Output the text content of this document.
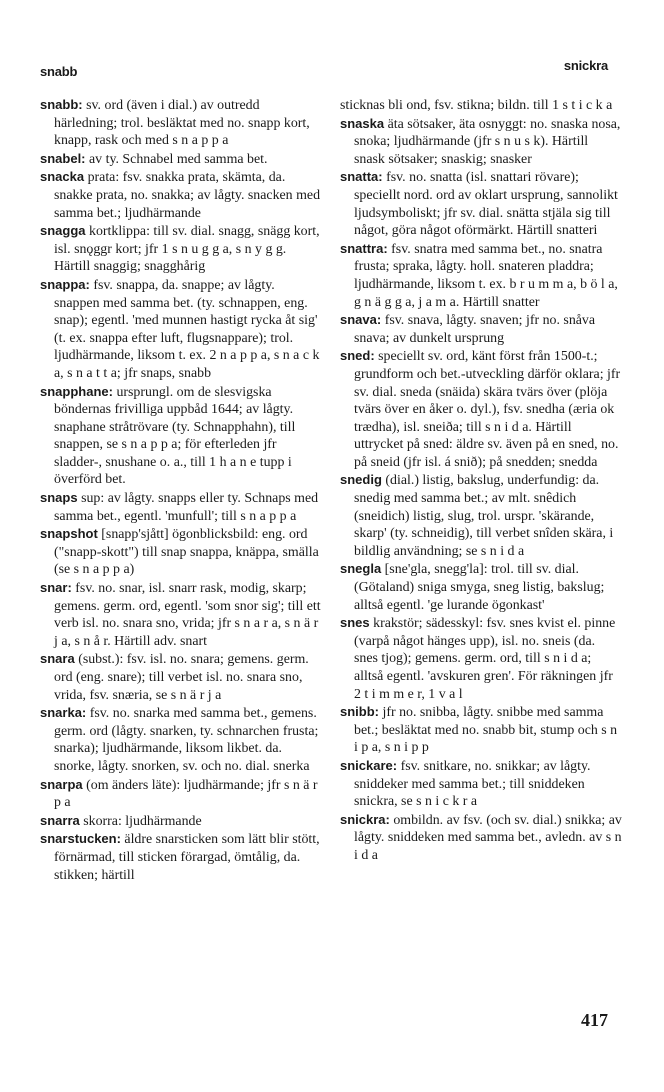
snabb	snickra
snabb: sv. ord (även i dial.) av outredd härledning; trol. besläktat med no. snapp kort, knapp, rask och med s n a p p a
snabel: av ty. Schnabel med samma bet.
snacka prata: fsv. snakka prata, skämta, da. snakke prata, no. snakka; av lågty. snacken med samma bet.; ljudhärmande
snagga kortklippa: till sv. dial. snagg, snägg kort, isl. snǫggr kort; jfr 1 s n u g g a, s n y g g. Härtill snaggig; snagghårig
snappa: fsv. snappa, da. snappe; av lågty. snappen med samma bet. (ty. schnappen, eng. snap); egentl. 'med munnen hastigt rycka åt sig' (t. ex. snappa efter luft, flugsnappare); trol. ljudhärmande, liksom t. ex. 2 n a p p a, s n a c k a, s n a t t a; jfr snaps, snabb
snapphane: ursprungl. om de slesvigska böndernas frivilliga uppbåd 1644; av lågty. snaphane stråtrövare (ty. Schnapphahn), till snappen, se s n a p p a; för efterleden jfr sladder-, snushane o. a., till 1 h a n e tupp i överförd bet.
snaps sup: av lågty. snapps eller ty. Schnaps med samma bet., egentl. 'munfull'; till s n a p p a
snapshot [snapp'sjått] ögonblicksbild: eng. ord ("snapp-skott") till snap snappa, knäppa, smälla (se s n a p p a)
snar: fsv. no. snar, isl. snarr rask, modig, skarp; gemens. germ. ord, egentl. 'som snor sig'; till ett verb isl. no. snara sno, vrida; jfr s n a r a, s n ä r j a, s n å r. Härtill adv. snart
snara (subst.): fsv. isl. no. snara; gemens. germ. ord (eng. snare); till verbet isl. no. snara sno, vrida, fsv. snæria, se s n ä r j a
snarka: fsv. no. snarka med samma bet., gemens. germ. ord (lågty. snarken, ty. schnarchen frusta; snarka); ljudhärmande, liksom likbet. da. snorke, lågty. snorken, sv. och no. dial. snerka
snarpa (om änders läte): ljudhärmande; jfr s n ä r p a
snarra skorra: ljudhärmande
snarstucken: äldre snarsticken som lätt blir stött, förnärmad, till sticken förargad, ömtålig, da. stikken; härtill
sticknas bli ond, fsv. stikna; bildn. till 1 s t i c k a
snaska äta sötsaker, äta osnyggt: no. snaska nosa, snoka; ljudhärmande (jfr s n u s k). Härtill snask sötsaker; snaskig; snasker
snatta: fsv. no. snatta (isl. snattari rövare); speciellt nord. ord av oklart ursprung, sannolikt ljudsymboliskt; jfr sv. dial. snätta stjäla sig till något, göra något oförmärkt. Härtill snatteri
snattra: fsv. snatra med samma bet., no. snatra frusta; spraka, lågty. holl. snateren pladdra; ljudhärmande, liksom t. ex. b r u m m a, b ö l a, g n ä g g a, j a m a. Härtill snatter
snava: fsv. snava, lågty. snaven; jfr no. snåva snava; av dunkelt ursprung
sned: speciellt sv. ord, känt först från 1500-t.; grundform och bet.-utveckling därför oklara; jfr sv. dial. sneda (snäida) skära tvärs över (plöja tvärs över en åker o. dyl.), fsv. snedha (æria ok trædha), isl. sneiða; till s n i d a. Härtill uttrycket på sned: äldre sv. även på en sned, no. på sneid (jfr isl. á snið); på snedden; snedda
snedig (dial.) listig, bakslug, underfundig: da. snedig med samma bet.; av mlt. snêdich (sneidich) listig, slug, trol. urspr. 'skärande, skarp' (ty. schneidig), till verbet snîden skära, i bildlig användning; se s n i d a
snegla [sne'gla, snegg'la]: trol. till sv. dial. (Götaland) sniga smyga, sneg listig, bakslug; alltså egentl. 'ge lurande ögonkast'
snes krakstör; sädesskyl: fsv. snes kvist el. pinne (varpå något hänges upp), isl. no. sneis (da. snes tjog); gemens. germ. ord, till s n i d a; alltså egentl. 'avskuren gren'. För räkningen jfr 2 t i m m e r, 1 v a l
snibb: jfr no. snibba, lågty. snibbe med samma bet.; besläktat med no. snabb bit, stump och s n i p a, s n i p p
snickare: fsv. snitkare, no. snikkar; av lågty. sniddeker med samma bet.; till sniddeken snickra, se s n i c k r a
snickra: ombildn. av fsv. (och sv. dial.) snikka; av lågty. sniddeken med samma bet., avledn. av s n i d a
417
